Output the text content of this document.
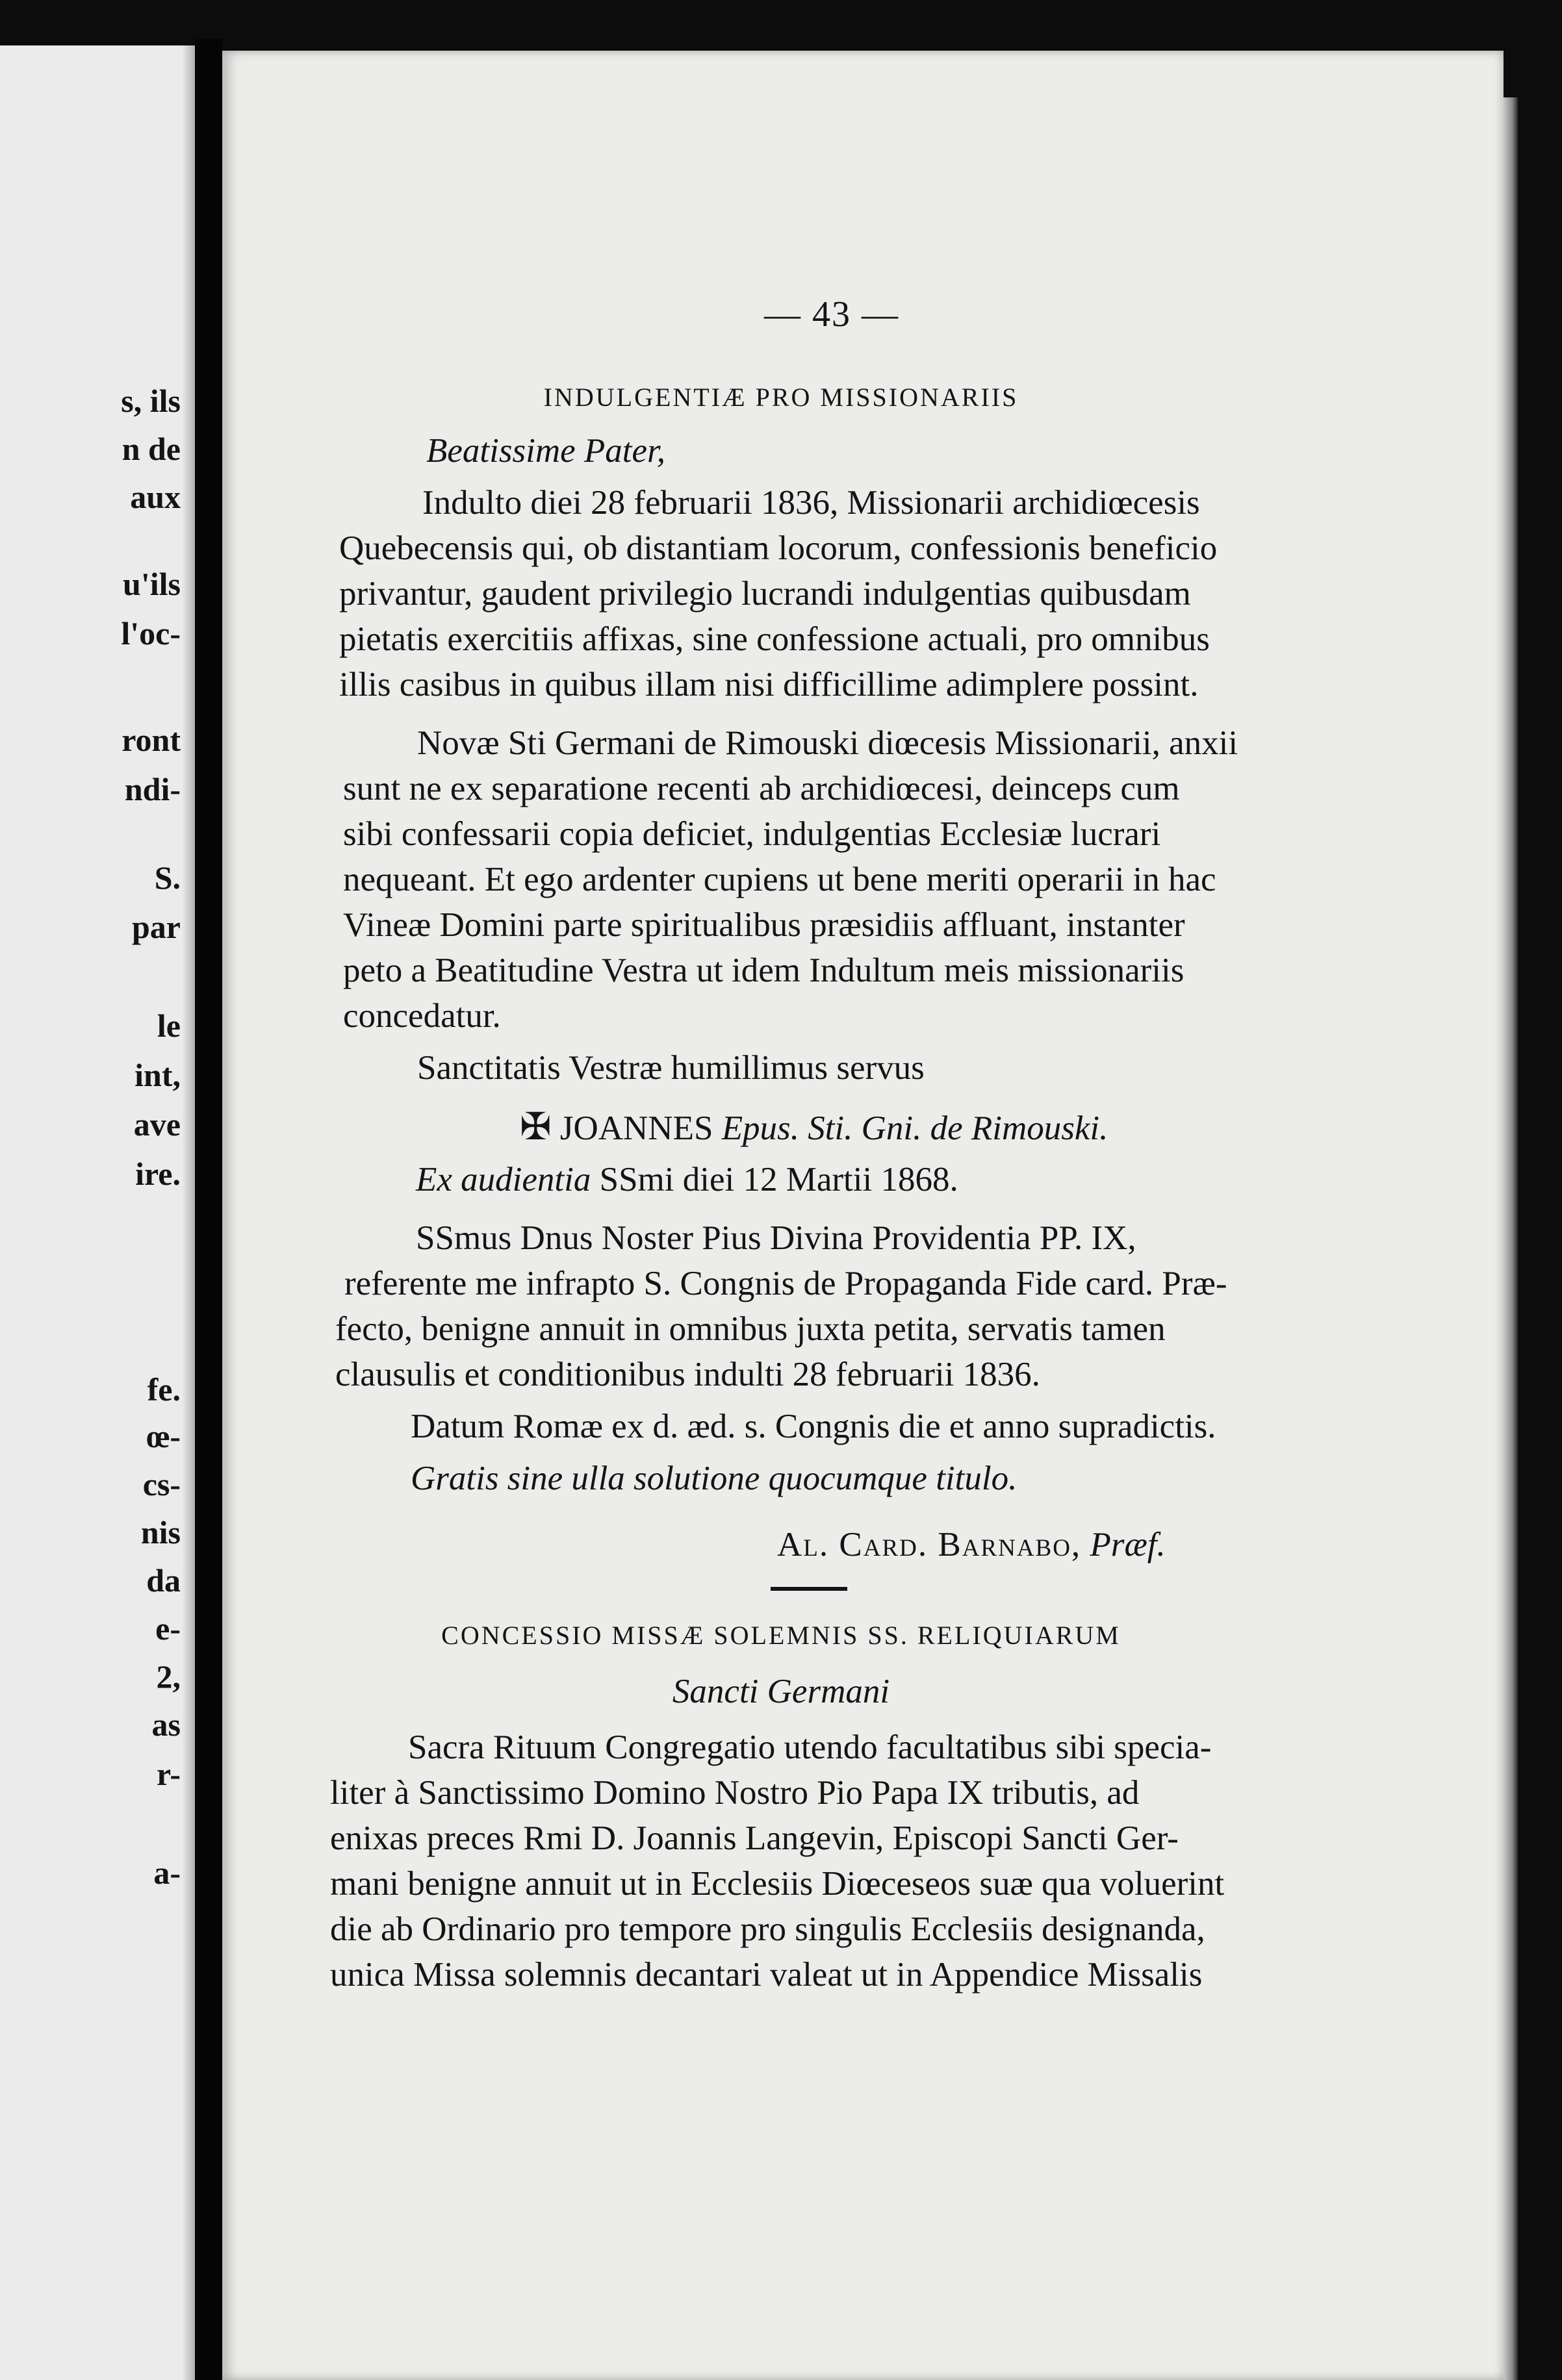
s, ils
n de
aux
u'ils
l'oc-
ront
ndi-
S.
par
le
int,
ave
ire.
fe.
œ-
cs-
nis
da
e-
2,
as
r-
a-
— 43 —
INDULGENTIÆ PRO MISSIONARIIS
Beatissime Pater,
Indulto diei 28 februarii 1836, Missionarii archidiœcesis
Quebecensis qui, ob distantiam locorum, confessionis beneficio
privantur, gaudent privilegio lucrandi indulgentias quibusdam
pietatis exercitiis affixas, sine confessione actuali, pro omnibus
illis casibus in quibus illam nisi difficillime adimplere possint.
Novæ Sti Germani de Rimouski diœcesis Missionarii, anxii
sunt ne ex separatione recenti ab archidiœcesi, deinceps cum
sibi confessarii copia deficiet, indulgentias Ecclesiæ lucrari
nequeant. Et ego ardenter cupiens ut bene meriti operarii in hac
Vineæ Domini parte spiritualibus præsidiis affluant, instanter
peto a Beatitudine Vestra ut idem Indultum meis missionariis
concedatur.
Sanctitatis Vestræ humillimus servus
✠ JOANNES Epus. Sti. Gni. de Rimouski.
Ex audientia SSmi diei 12 Martii 1868.
SSmus Dnus Noster Pius Divina Providentia PP. IX,
referente me infrapto S. Congnis de Propaganda Fide card. Præ-
fecto, benigne annuit in omnibus juxta petita, servatis tamen
clausulis et conditionibus indulti 28 februarii 1836.
Datum Romæ ex d. æd. s. Congnis die et anno supradictis.
Gratis sine ulla solutione quocumque titulo.
Al. Card. Barnabo, Præf.
CONCESSIO MISSÆ SOLEMNIS SS. RELIQUIARUM
Sancti Germani
Sacra Rituum Congregatio utendo facultatibus sibi specia-
liter à Sanctissimo Domino Nostro Pio Papa IX tributis, ad
enixas preces Rmi D. Joannis Langevin, Episcopi Sancti Ger-
mani benigne annuit ut in Ecclesiis Diœceseos suæ qua voluerint
die ab Ordinario pro tempore pro singulis Ecclesiis designanda,
unica Missa solemnis decantari valeat ut in Appendice Missalis
